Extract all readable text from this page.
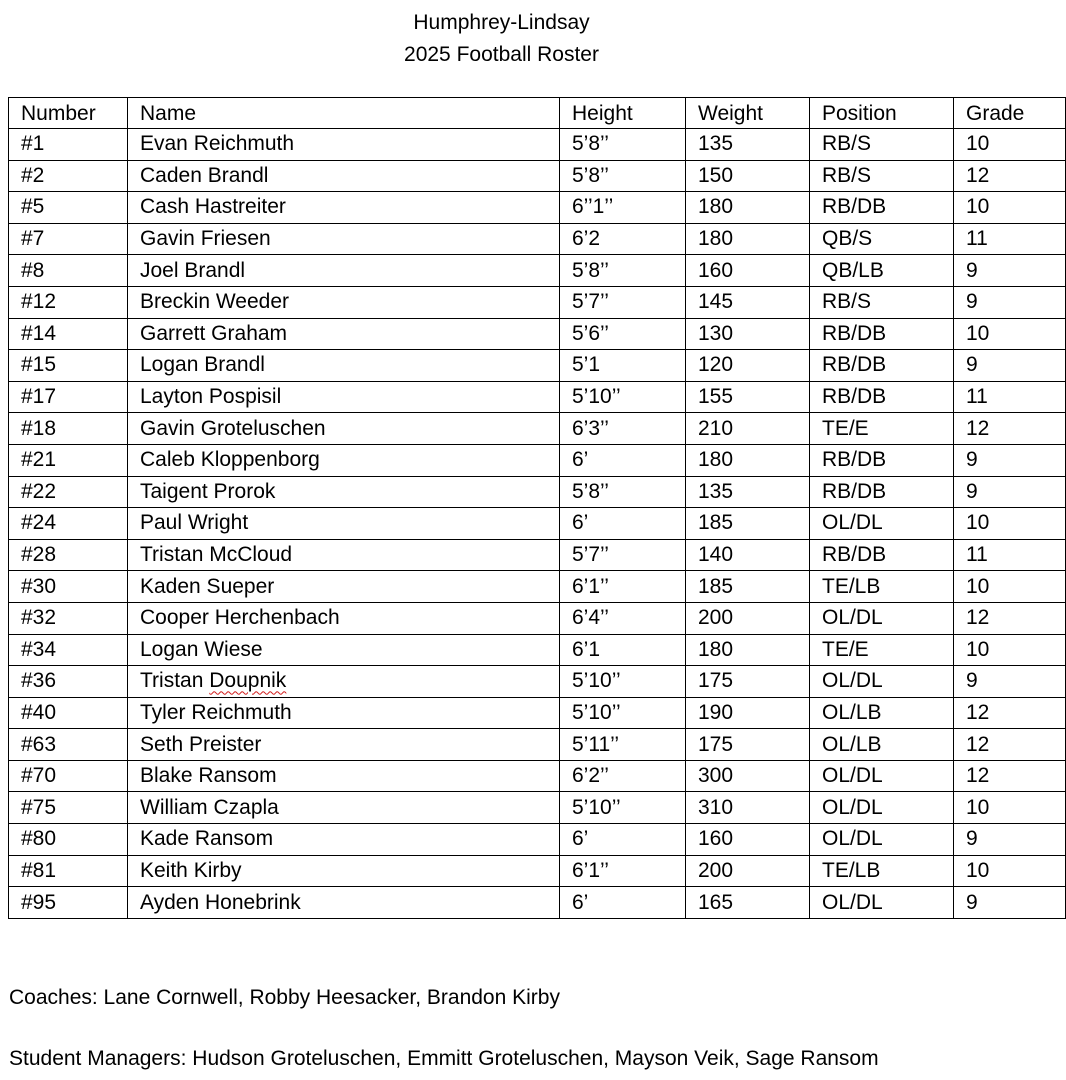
Humphrey-Lindsay
2025 Football Roster
Number	Name	Height	Weight	Position	Grade
#1	Evan Reichmuth	5’8’’	135	RB/S	10
#2	Caden Brandl	5’8’’	150	RB/S	12
#5	Cash Hastreiter	6’’1’’	180	RB/DB	10
#7	Gavin Friesen	6’2	180	QB/S	11
#8	Joel Brandl	5’8’’	160	QB/LB	9
#12	Breckin Weeder	5’7’’	145	RB/S	9
#14	Garrett Graham	5’6’’	130	RB/DB	10
#15	Logan Brandl	5’1	120	RB/DB	9
#17	Layton Pospisil	5’10’’	155	RB/DB	11
#18	Gavin Groteluschen	6’3’’	210	TE/E	12
#21	Caleb Kloppenborg	6’	180	RB/DB	9
#22	Taigent Prorok	5’8’’	135	RB/DB	9
#24	Paul Wright	6’	185	OL/DL	10
#28	Tristan McCloud	5’7’’	140	RB/DB	11
#30	Kaden Sueper	6’1’’	185	TE/LB	10
#32	Cooper Herchenbach	6’4’’	200	OL/DL	12
#34	Logan Wiese	6’1	180	TE/E	10
#36	Tristan Doupnik	5’10’’	175	OL/DL	9
#40	Tyler Reichmuth	5’10’’	190	OL/LB	12
#63	Seth Preister	5’11’’	175	OL/LB	12
#70	Blake Ransom	6’2’’	300	OL/DL	12
#75	William Czapla	5’10’’	310	OL/DL	10
#80	Kade Ransom	6’	160	OL/DL	9
#81	Keith Kirby	6’1’’	200	TE/LB	10
#95	Ayden Honebrink	6’	165	OL/DL	9
Coaches: Lane Cornwell, Robby Heesacker, Brandon Kirby
Student Managers: Hudson Groteluschen, Emmitt Groteluschen, Mayson Veik, Sage Ransom
